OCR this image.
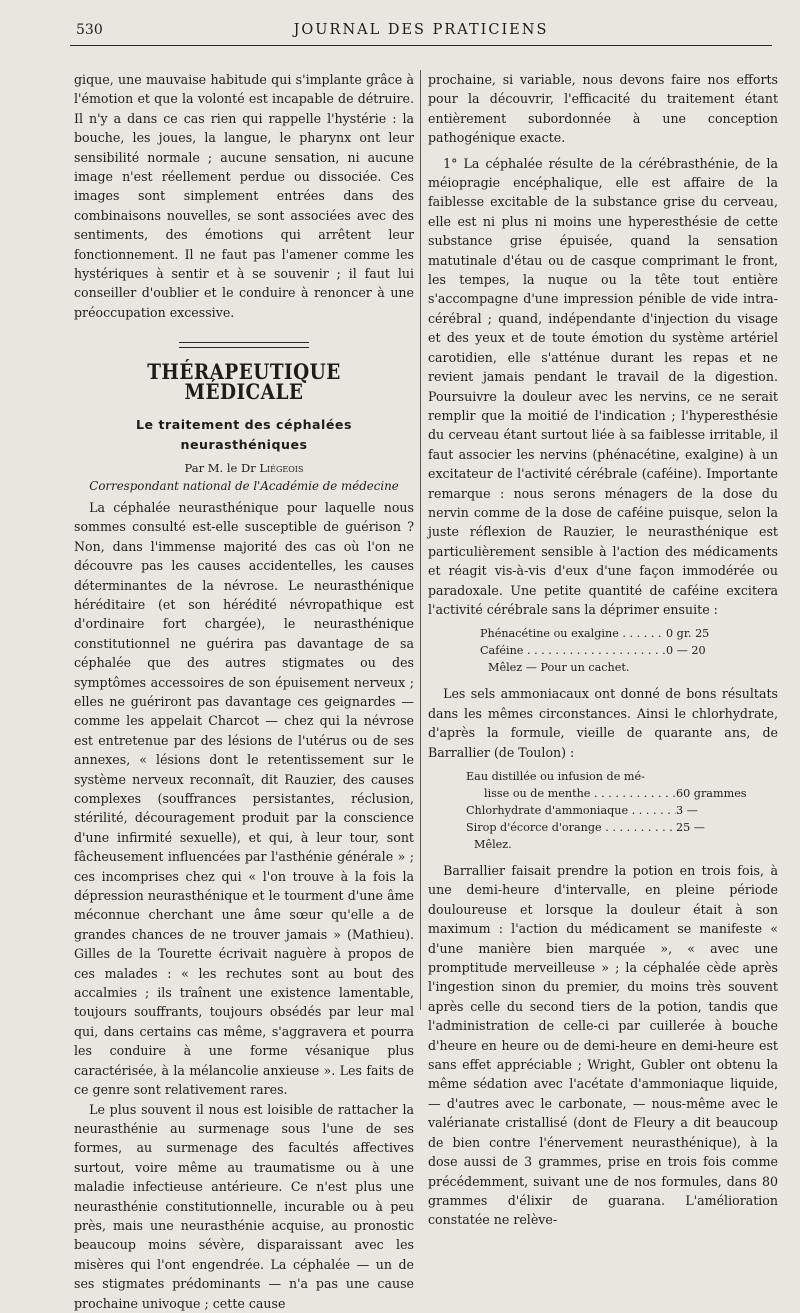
530	JOURNAL DES PRATICIENS

gique, une mauvaise habitude qui s'implante grâce à l'émotion et que la volonté est incapable de détruire. Il n'y a dans ce cas rien qui rappelle l'hystérie : la bouche, les joues, la langue, le pharynx ont leur sensibilité normale ; aucune sensation, ni aucune image n'est réellement perdue ou dissociée. Ces images sont simplement entrées dans des combinaisons nouvelles, se sont associées avec des sentiments, des émotions qui arrêtent leur fonctionnement. Il ne faut pas l'amener comme les hystériques à sentir et à se souvenir ; il faut lui conseiller d'oublier et le conduire à renoncer à une préoccupation excessive.

THÉRAPEUTIQUE MÉDICALE
Le traitement des céphalées neurasthéniques
Par M. le Dr Liégeois
Correspondant national de l'Académie de médecine

La céphalée neurasthénique pour laquelle nous sommes consulté est-elle susceptible de guérison ? Non, dans l'immense majorité des cas où l'on ne découvre pas les causes accidentelles, les causes déterminantes de la névrose. Le neurasthénique héréditaire (et son hérédité névropathique est d'ordinaire fort chargée), le neurasthénique constitutionnel ne guérira pas davantage de sa céphalée que des autres stigmates ou des symptômes accessoires de son épuisement nerveux ; elles ne guériront pas davantage ces geignardes — comme les appelait Charcot — chez qui la névrose est entretenue par des lésions de l'utérus ou de ses annexes, « lésions dont le retentissement sur le système nerveux reconnaît, dit Rauzier, des causes complexes (souffrances persistantes, réclusion, stérilité, découragement produit par la conscience d'une infirmité sexuelle), et qui, à leur tour, sont fâcheusement influencées par l'asthénie générale » ; ces incomprises chez qui « l'on trouve à la fois la dépression neurasthénique et le tourment d'une âme méconnue cherchant une âme sœur qu'elle a de grandes chances de ne trouver jamais » (Mathieu). Gilles de la Tourette écrivait naguère à propos de ces malades : « les rechutes sont au bout des accalmies ; ils traînent une existence lamentable, toujours souffrants, toujours obsédés par leur mal qui, dans certains cas même, s'aggravera et pourra les conduire à une forme vésanique plus caractérisée, à la mélancolie anxieuse ». Les faits de ce genre sont relativement rares.

Le plus souvent il nous est loisible de rattacher la neurasthénie au surmenage sous l'une de ses formes, au surmenage des facultés affectives surtout, voire même au traumatisme ou à une maladie infectieuse antérieure. Ce n'est plus une neurasthénie constitutionnelle, incurable ou à peu près, mais une neurasthénie acquise, au pronostic beaucoup moins sévère, disparaissant avec les misères qui l'ont engendrée. La céphalée — un de ses stigmates prédominants — n'a pas une cause prochaine univoque ; cette cause

prochaine, si variable, nous devons faire nos efforts pour la découvrir, l'efficacité du traitement étant entièrement subordonnée à une conception pathogénique exacte.

1° La céphalée résulte de la cérébrasthénie, de la méiopragie encéphalique, elle est affaire de la faiblesse excitable de la substance grise du cerveau, elle est ni plus ni moins une hyperesthésie de cette substance grise épuisée, quand la sensation matutinale d'étau ou de casque comprimant le front, les tempes, la nuque ou la tête tout entière s'accompagne d'une impression pénible de vide intra-cérébral ; quand, indépendante d'injection du visage et des yeux et de toute émotion du système artériel carotidien, elle s'atténue durant les repas et ne revient jamais pendant le travail de la digestion. Poursuivre la douleur avec les nervins, ce ne serait remplir que la moitié de l'indication ; l'hyperesthésie du cerveau étant surtout liée à sa faiblesse irritable, il faut associer les nervins (phénacétine, exalgine) à un excitateur de l'activité cérébrale (caféine). Importante remarque : nous serons ménagers de la dose du nervin comme de la dose de caféine puisque, selon la juste réflexion de Rauzier, le neurasthénique est particulièrement sensible à l'action des médicaments et réagit vis-à-vis d'eux d'une façon immodérée ou paradoxale. Une petite quantité de caféine excitera l'activité cérébrale sans la déprimer ensuite :

Phénacétine ou exalgine . . .	0 gr. 25
Caféine . . .	0 — 20
Mêlez — Pour un cachet.

Les sels ammoniacaux ont donné de bons résultats dans les mêmes circonstances. Ainsi le chlorhydrate, d'après la formule, vieille de quarante ans, de Barrallier (de Toulon) :

Eau distillée ou infusion de mé-
lisse ou de menthe . . .	60 grammes
Chlorhydrate d'ammoniaque . . .	3 —
Sirop d'écorce d'orange . . .	25 —
Mêlez.

Barrallier faisait prendre la potion en trois fois, à une demi-heure d'intervalle, en pleine période douloureuse et lorsque la douleur était à son maximum : l'action du médicament se manifeste « d'une manière bien marquée », « avec une promptitude merveilleuse » ; la céphalée cède après l'ingestion sinon du premier, du moins très souvent après celle du second tiers de la potion, tandis que l'administration de celle-ci par cuillerée à bouche d'heure en heure ou de demi-heure en demi-heure est sans effet appréciable ; Wright, Gubler ont obtenu la même sédation avec l'acétate d'ammoniaque liquide, — d'autres avec le carbonate, — nous-même avec le valérianate cristallisé (dont de Fleury a dit beaucoup de bien contre l'énervement neurasthénique), à la dose aussi de 3 grammes, prise en trois fois comme précédemment, suivant une de nos formules, dans 80 grammes d'élixir de guarana. L'amélioration constatée ne relève-
